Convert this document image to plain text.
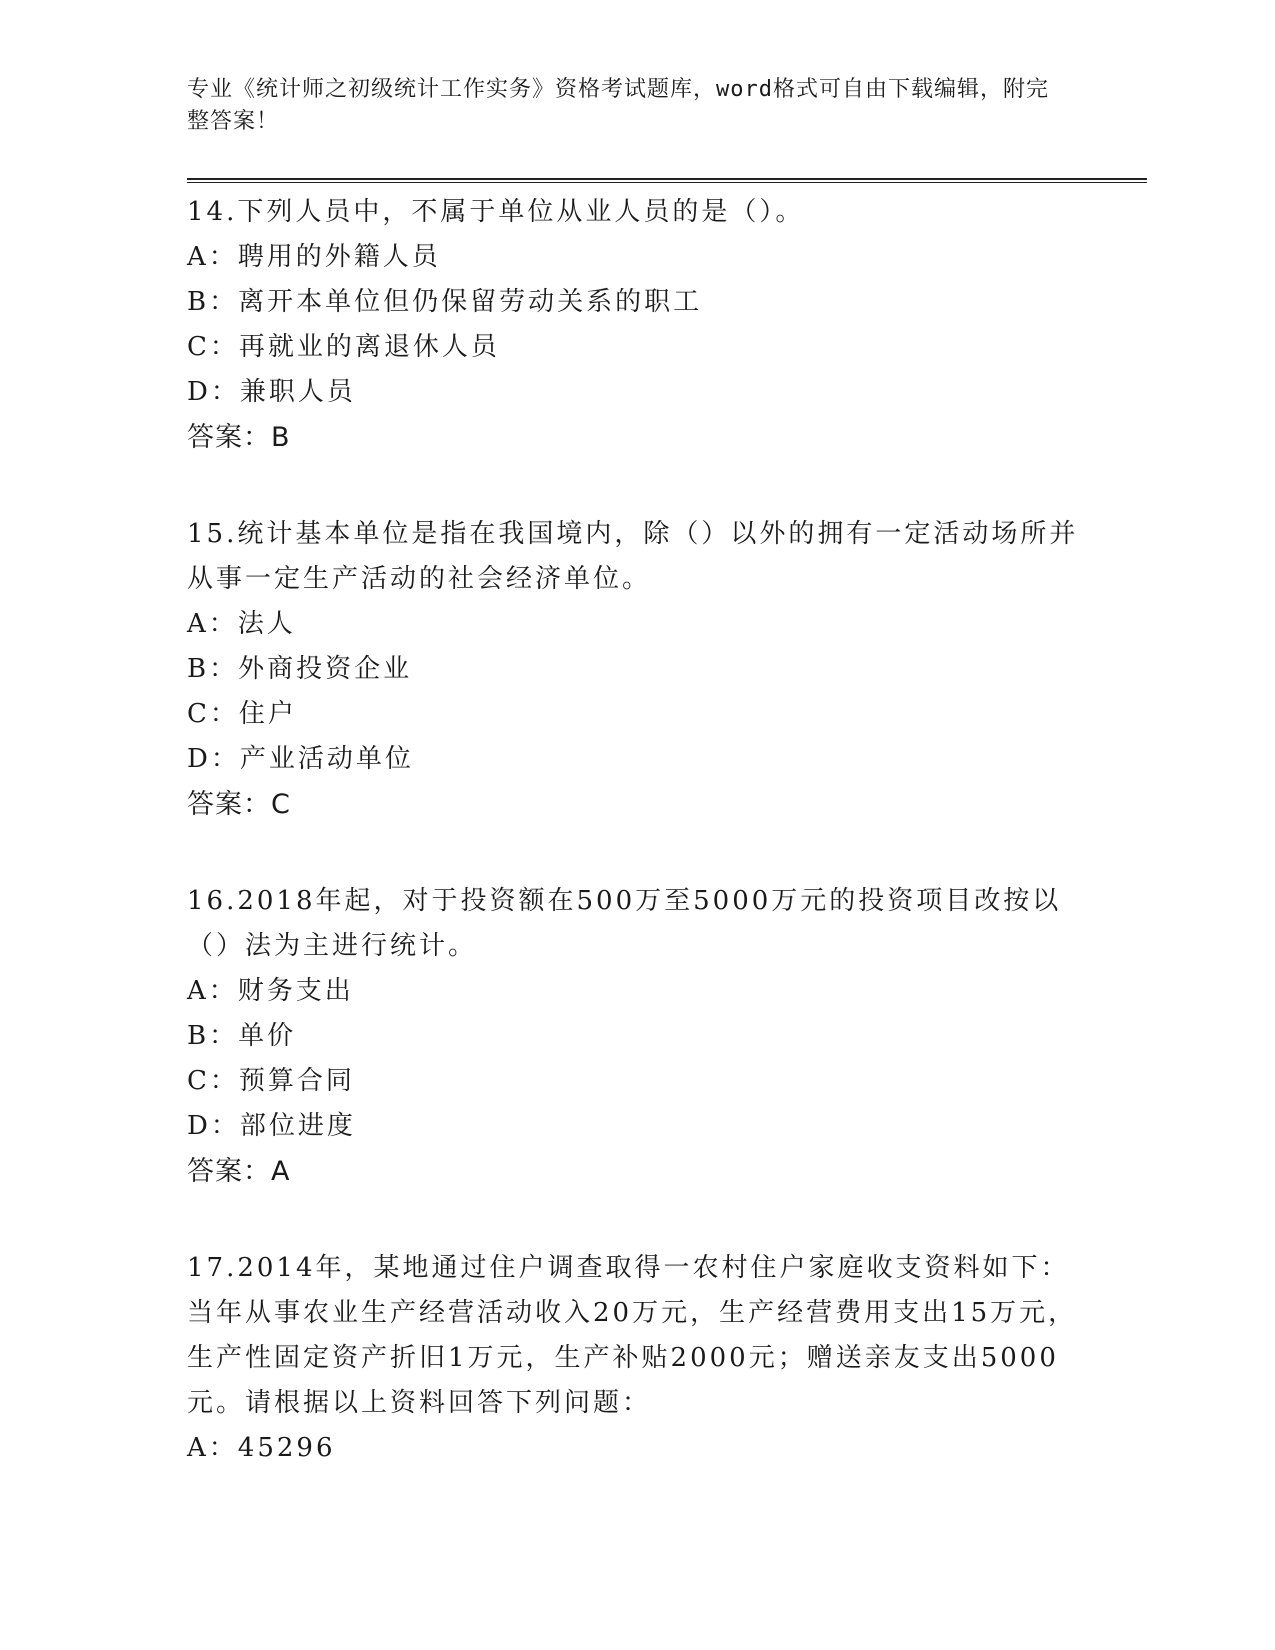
专业《统计师之初级统计工作实务》资格考试题库，word格式可自由下载编辑，附完整答案！

14.下列人员中，不属于单位从业人员的是（）。

A：聘用的外籍人员

B：离开本单位但仍保留劳动关系的职工

C：再就业的离退休人员

D：兼职人员

答案：B

15.统计基本单位是指在我国境内，除（）以外的拥有一定活动场所并从事一定生产活动的社会经济单位。

A：法人

B：外商投资企业

C：住户

D：产业活动单位

答案：C

16.2018年起，对于投资额在500万至5000万元的投资项目改按以（）法为主进行统计。

A：财务支出

B：单价

C：预算合同

D：部位进度

答案：A

17.2014年，某地通过住户调查取得一农村住户家庭收支资料如下：当年从事农业生产经营活动收入20万元，生产经营费用支出15万元，生产性固定资产折旧1万元，生产补贴2000元；赠送亲友支出5000元。请根据以上资料回答下列问题：

A：45296
